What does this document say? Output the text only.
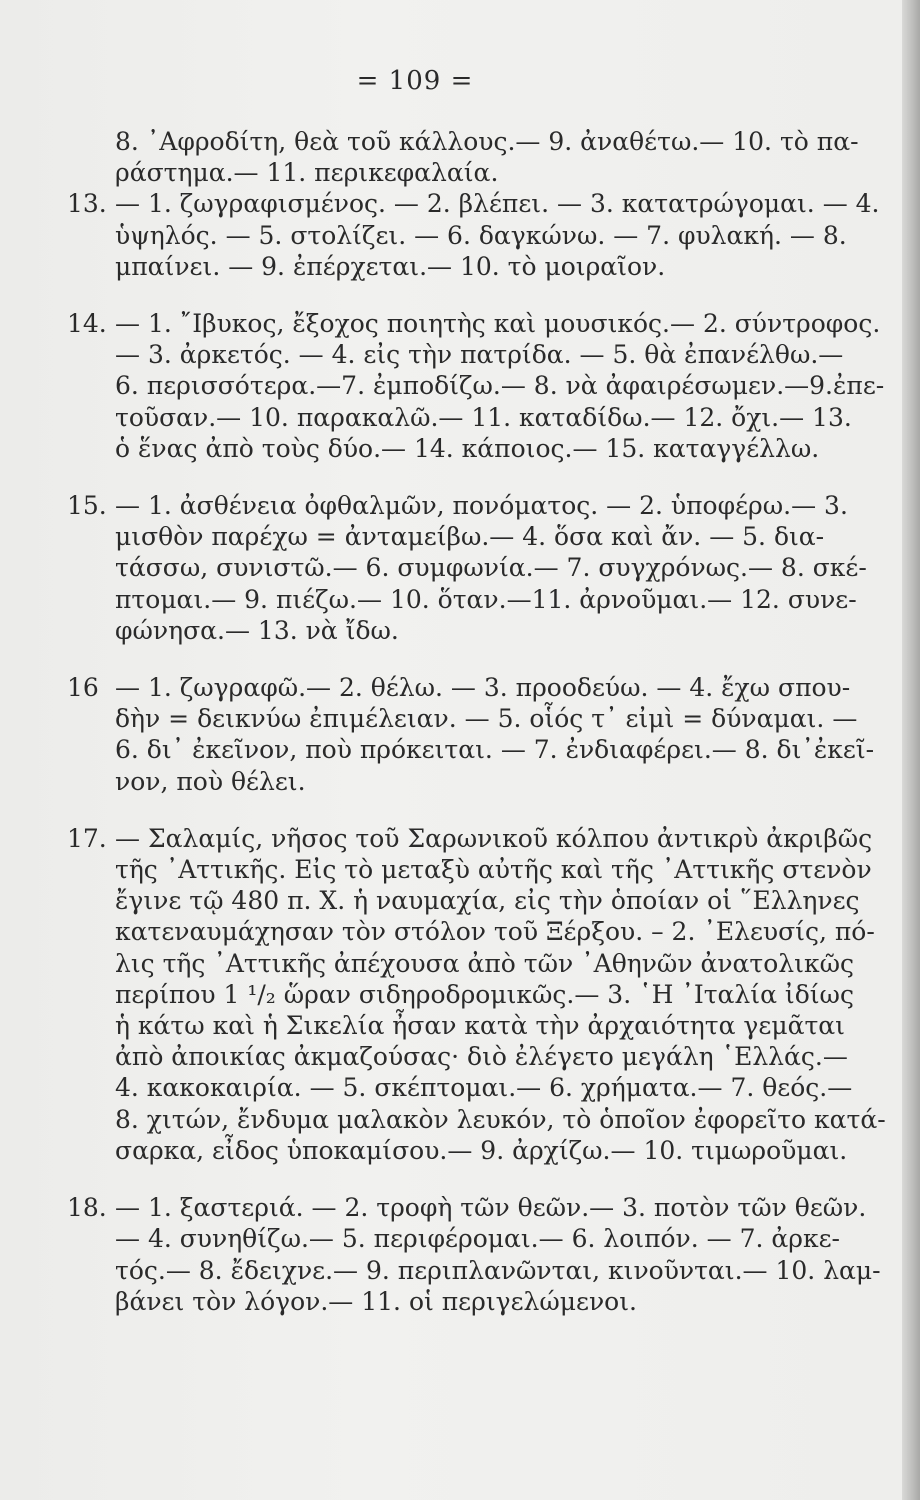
= 109 =
8. ᾿Αφροδίτη, θεὰ τοῦ κάλλους.— 9. ἀναθέτω.— 10. τὸ πα-
ράστημα.— 11. περικεφαλαία.
13. — 1. ζωγραφισμένος. — 2. βλέπει. — 3. κατατρώγομαι. — 4.
ὑψηλός. — 5. στολίζει. — 6. δαγκώνω. — 7. φυλακή. — 8.
μπαίνει. — 9. ἐπέρχεται.— 10. τὸ μοιραῖον.
14. — 1. ῎Ιβυκος, ἔξοχος ποιητὴς καὶ μουσικός.— 2. σύντροφος.
— 3. ἀρκετός. — 4. εἰς τὴν πατρίδα. — 5. θὰ ἐπανέλθω.—
6. περισσότερα.—7. ἐμποδίζω.— 8. νὰ ἀφαιρέσωμεν.—9.ἐπε-
τοῦσαν.— 10. παρακαλῶ.— 11. καταδίδω.— 12. ὄχι.— 13.
ὁ ἕνας ἀπὸ τοὺς δύο.— 14. κάποιος.— 15. καταγγέλλω.
15. — 1. ἀσθένεια ὀφθαλμῶν, πονόματος. — 2. ὑποφέρω.— 3.
μισθὸν παρέχω = ἀνταμείβω.— 4. ὅσα καὶ ἄν. — 5. δια-
τάσσω, συνιστῶ.— 6. συμφωνία.— 7. συγχρόνως.— 8. σκέ-
πτομαι.— 9. πιέζω.— 10. ὅταν.—11. ἀρνοῦμαι.— 12. συνε-
φώνησα.— 13. νὰ ἴδω.
16 — 1. ζωγραφῶ.— 2. θέλω. — 3. προοδεύω. — 4. ἔχω σπου-
δὴν = δεικνύω ἐπιμέλειαν. — 5. οἷός τ᾽ εἰμὶ = δύναμαι. —
6. δι᾽ ἐκεῖνον, ποὺ πρόκειται. — 7. ἐνδιαφέρει.— 8. δι᾽ἐκεῖ-
νον, ποὺ θέλει.
17. — Σαλαμίς, νῆσος τοῦ Σαρωνικοῦ κόλπου ἀντικρὺ ἀκριβῶς
τῆς ᾿Αττικῆς. Εἰς τὸ μεταξὺ αὐτῆς καὶ τῆς ᾿Αττικῆς στενὸν
ἔγινε τῷ 480 π. Χ. ἡ ναυμαχία, εἰς τὴν ὁποίαν οἱ ῞Ελληνες
κατεναυμάχησαν τὸν στόλον τοῦ Ξέρξου. – 2. ᾿Ελευσίς, πό-
λις τῆς ᾿Αττικῆς ἀπέχουσα ἀπὸ τῶν ᾿Αθηνῶν ἀνατολικῶς
περίπου 1 ¹/₂ ὥραν σιδηροδρομικῶς.— 3. ῾Η ᾿Ιταλία ἰδίως
ἡ κάτω καὶ ἡ Σικελία ἦσαν κατὰ τὴν ἀρχαιότητα γεμᾶται
ἀπὸ ἀποικίας ἀκμαζούσας· διὸ ἐλέγετο μεγάλη ῾Ελλάς.—
4. κακοκαιρία. — 5. σκέπτομαι.— 6. χρήματα.— 7. θεός.—
8. χιτών, ἔνδυμα μαλακὸν λευκόν, τὸ ὁποῖον ἐφορεῖτο κατά-
σαρκα, εἶδος ὑποκαμίσου.— 9. ἀρχίζω.— 10. τιμωροῦμαι.
18. — 1. ξαστεριά. — 2. τροφὴ τῶν θεῶν.— 3. ποτὸν τῶν θεῶν.
— 4. συνηθίζω.— 5. περιφέρομαι.— 6. λοιπόν. — 7. ἀρκε-
τός.— 8. ἔδειχνε.— 9. περιπλανῶνται, κινοῦνται.— 10. λαμ-
βάνει τὸν λόγον.— 11. οἱ περιγελώμενοι.
